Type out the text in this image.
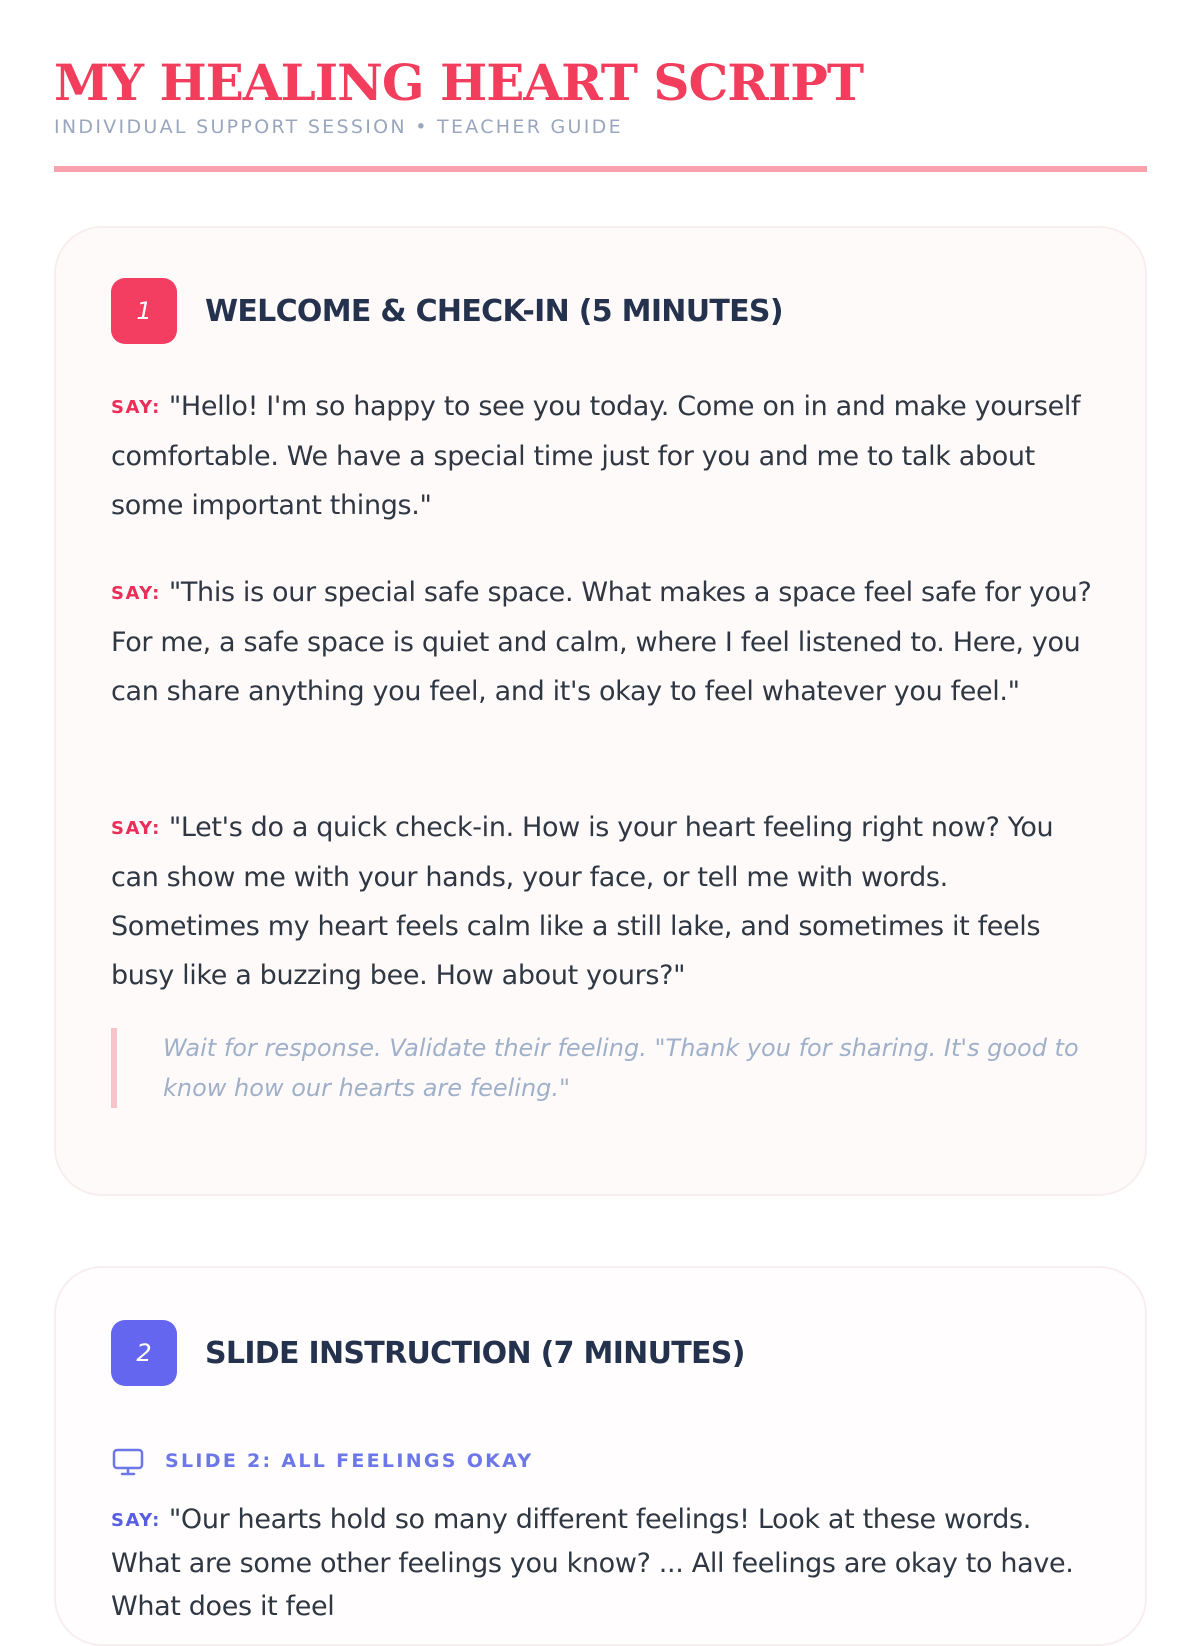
MY HEALING HEART SCRIPT
INDIVIDUAL SUPPORT SESSION • TEACHER GUIDE
1	WELCOME & CHECK-IN (5 MINUTES)
SAY: "Hello! I'm so happy to see you today. Come on in and make yourself comfortable. We have a special time just for you and me to talk about some important things."
SAY: "This is our special safe space. What makes a space feel safe for you? For me, a safe space is quiet and calm, where I feel listened to. Here, you can share anything you feel, and it's okay to feel whatever you feel."
SAY: "Let's do a quick check-in. How is your heart feeling right now? You can show me with your hands, your face, or tell me with words. Sometimes my heart feels calm like a still lake, and sometimes it feels busy like a buzzing bee. How about yours?"
Wait for response. Validate their feeling. "Thank you for sharing. It's good to know how our hearts are feeling."
2	SLIDE INSTRUCTION (7 MINUTES)
SLIDE 2: ALL FEELINGS OKAY
SAY: "Our hearts hold so many different feelings! Look at these words. What are some other feelings you know? ... All feelings are okay to have. What does it feel
